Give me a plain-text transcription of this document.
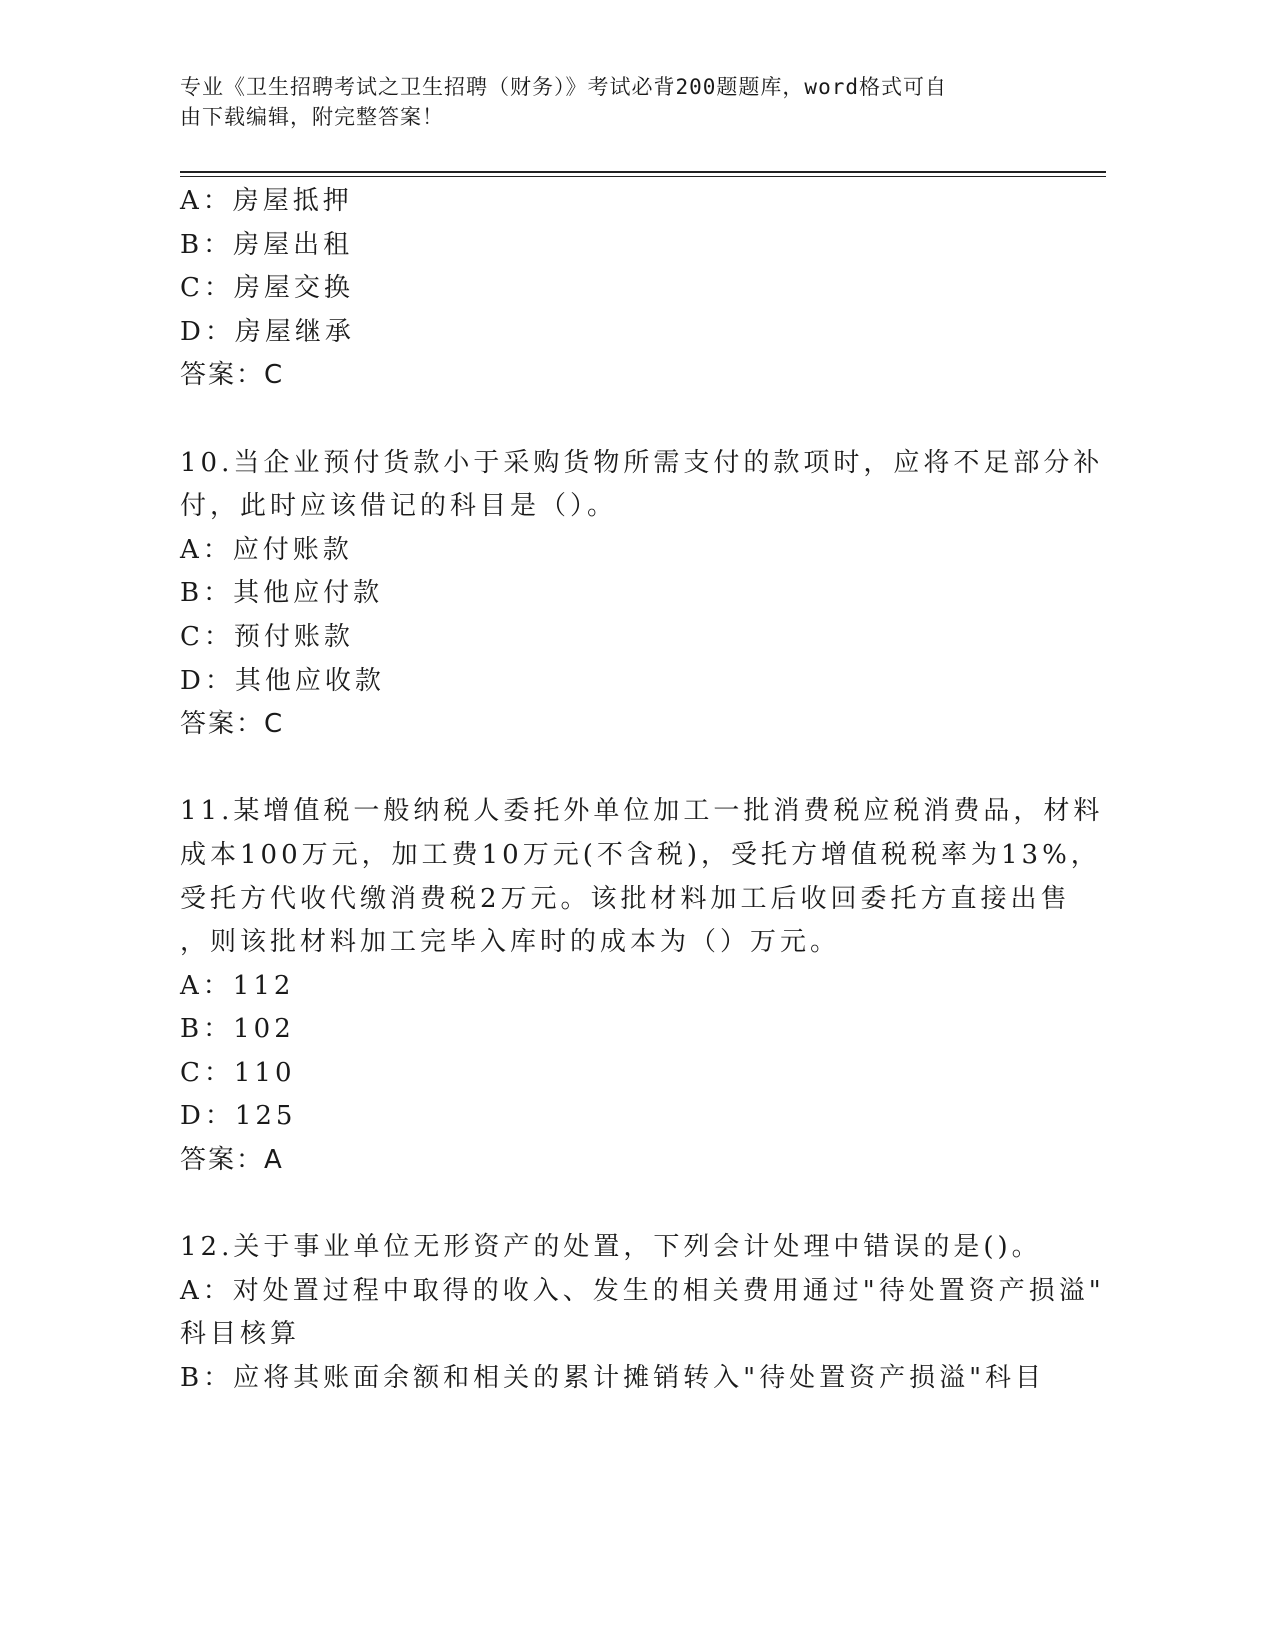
专业《卫生招聘考试之卫生招聘（财务）》考试必背200题题库，word格式可自
由下载编辑，附完整答案！
A：房屋抵押
B：房屋出租
C：房屋交换
D：房屋继承
答案：C
10.当企业预付货款小于采购货物所需支付的款项时，应将不足部分补
付，此时应该借记的科目是（）。
A：应付账款
B：其他应付款
C：预付账款
D：其他应收款
答案：C
11.某增值税一般纳税人委托外单位加工一批消费税应税消费品，材料
成本100万元，加工费10万元(不含税)，受托方增值税税率为13%，
受托方代收代缴消费税2万元。该批材料加工后收回委托方直接出售
，则该批材料加工完毕入库时的成本为（）万元。
A：112
B：102
C：110
D：125
答案：A
12.关于事业单位无形资产的处置，下列会计处理中错误的是()。
A：对处置过程中取得的收入、发生的相关费用通过"待处置资产损溢"
科目核算
B：应将其账面余额和相关的累计摊销转入"待处置资产损溢"科目
